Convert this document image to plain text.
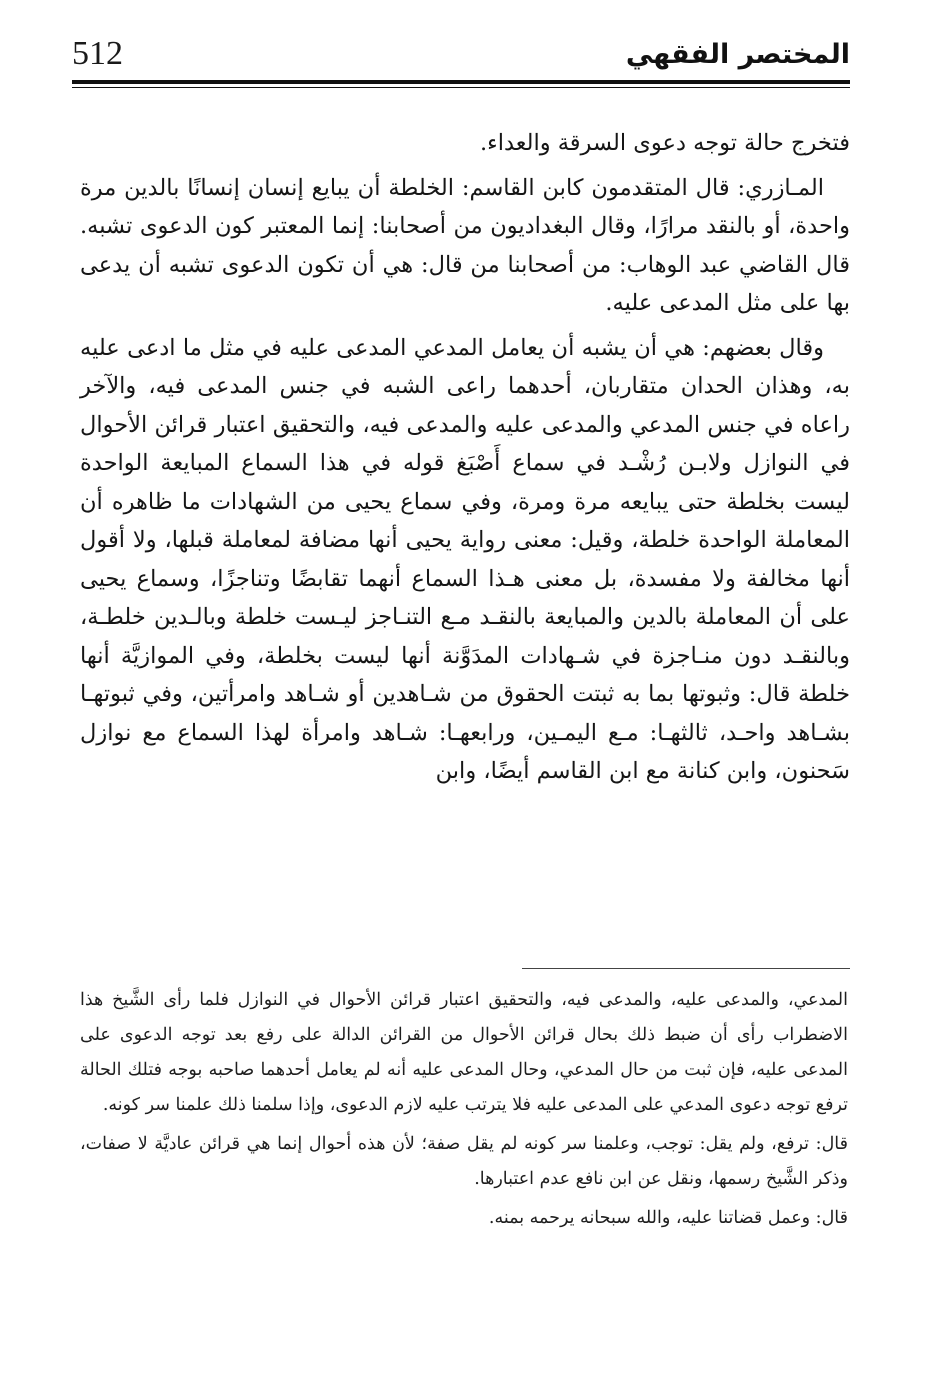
512	المختصر الفقهي

فتخرج حالة توجه دعوى السرقة والعداء.

المـازري: قال المتقدمون كابن القاسم: الخلطة أن يبايع إنسان إنسانًا بالدين مرة واحدة، أو بالنقد مرارًا، وقال البغداديون من أصحابنا: إنما المعتبر كون الدعوى تشبه. قال القاضي عبد الوهاب: من أصحابنا من قال: هي أن تكون الدعوى تشبه أن يدعى بها على مثل المدعى عليه.

وقال بعضهم: هي أن يشبه أن يعامل المدعي المدعى عليه في مثل ما ادعى عليه به، وهذان الحدان متقاربان، أحدهما راعى الشبه في جنس المدعى فيه، والآخر راعاه في جنس المدعي والمدعى عليه والمدعى فيه، والتحقيق اعتبار قرائن الأحوال في النوازل ولابـن رُشْـد في سماع أَصْبَغ قوله في هذا السماع المبايعة الواحدة ليست بخلطة حتى يبايعه مرة ومرة، وفي سماع يحيى من الشهادات ما ظاهره أن المعاملة الواحدة خلطة، وقيل: معنى رواية يحيى أنها مضافة لمعاملة قبلها، ولا أقول أنها مخالفة ولا مفسدة، بل معنى هـذا السماع أنهما تقابضًا وتناجزًا، وسماع يحيى على أن المعاملة بالدين والمبايعة بالنقـد مـع التنـاجز ليـست خلطة وبالـدين خلطـة، وبالنقـد دون منـاجزة في شـهادات المدَوَّنة أنها ليست بخلطة، وفي الموازيَّة أنها خلطة قال: وثبوتها بما به ثبتت الحقوق من شـاهدين أو شـاهد وامرأتين، وفي ثبوتهـا بشـاهد واحـد، ثالثهـا: مـع اليمـين، ورابعهـا: شـاهد وامرأة لهذا السماع مع نوازل سَحنون، وابن كنانة مع ابن القاسم أيضًا، وابن

المدعي، والمدعى عليه، والمدعى فيه، والتحقيق اعتبار قرائن الأحوال في النوازل فلما رأى الشَّيخ هذا الاضطراب رأى أن ضبط ذلك بحال قرائن الأحوال من القرائن الدالة على رفع بعد توجه الدعوى على المدعى عليه، فإن ثبت من حال المدعي، وحال المدعى عليه أنه لم يعامل أحدهما صاحبه بوجه فتلك الحالة ترفع توجه دعوى المدعي على المدعى عليه فلا يترتب عليه لازم الدعوى، وإذا سلمنا ذلك علمنا سر كونه.

قال: ترفع، ولم يقل: توجب، وعلمنا سر كونه لم يقل صفة؛ لأن هذه أحوال إنما هي قرائن عاديَّة لا صفات، وذكر الشَّيخ رسمها، ونقل عن ابن نافع عدم اعتبارها.

قال: وعمل قضاتنا عليه، والله سبحانه يرحمه بمنه.
